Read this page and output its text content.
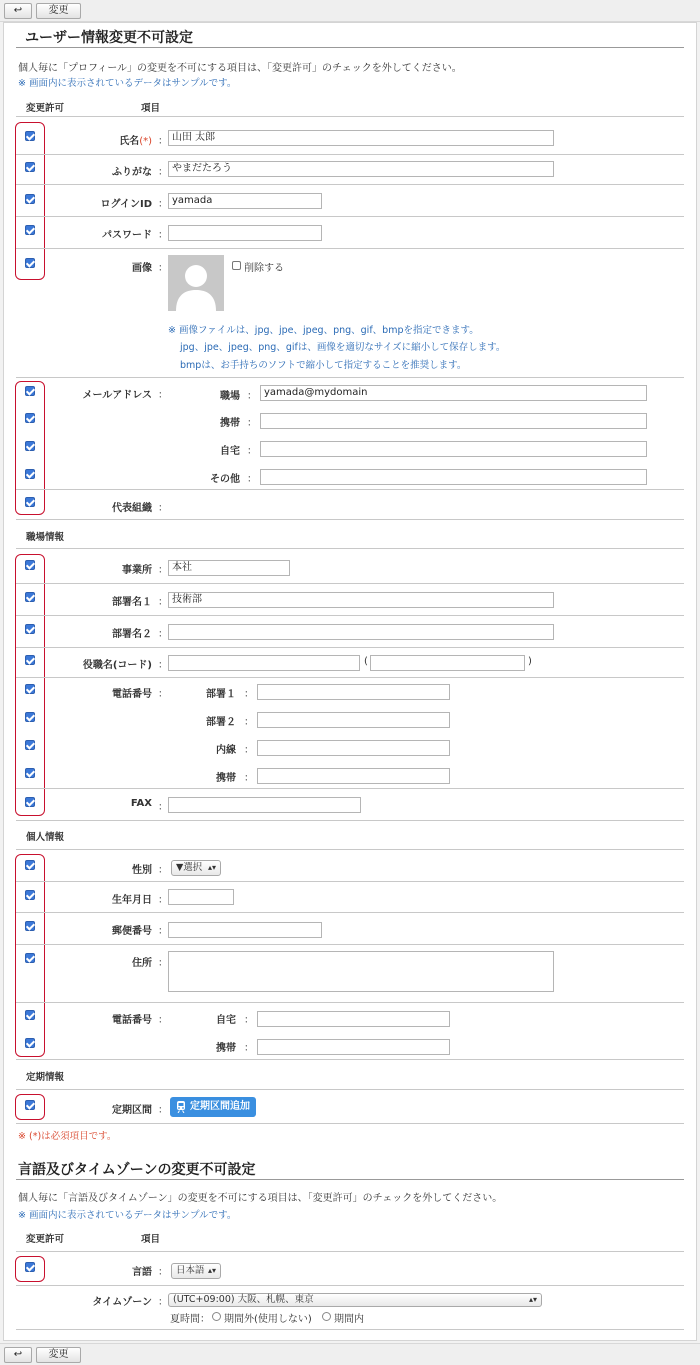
↩	変更
ユーザー情報変更不可設定
個人毎に「プロフィール」の変更を不可にする項目は、「変更許可」のチェックを外してください。
※ 画面内に表示されているデータはサンプルです。
変更許可	項目
氏名(*) ： 山田 太郎
ふりがな ： やまだたろう
ログインID ： yamada
パスワード ：
画像 ：	削除する
※ 画像ファイルは、jpg、jpe、jpeg、png、gif、bmpを指定できます。
jpg、jpe、jpeg、png、gifは、画像を適切なサイズに縮小して保存します。
bmpは、お手持ちのソフトで縮小して指定することを推奨します。
メールアドレス ：	職場 ： yamada@mydomain
携帯 ：
自宅 ：
その他 ：
代表組織 ：
職場情報
事業所 ： 本社
部署名１ ： 技術部
部署名２ ：
役職名(コード) ：	(	)
電話番号 ：	部署１ ：
部署２ ：
内線 ：
携帯 ：
FAX ：
個人情報
性別 ： ▼選択 ▴▾
生年月日 ：
郵便番号 ：
住所 ：
電話番号 ：	自宅 ：
携帯 ：
定期情報
定期区間 ：	定期区間追加
※ (*)は必須項目です。
言語及びタイムゾーンの変更不可設定
個人毎に「言語及びタイムゾーン」の変更を不可にする項目は、「変更許可」のチェックを外してください。
※ 画面内に表示されているデータはサンプルです。
変更許可	項目
言語 ： 日本語 ▴▾
タイムゾーン ： (UTC+09:00) 大阪、札幌、東京	▴▾
夏時間： 期間外(使用しない) 期間内
↩	変更
